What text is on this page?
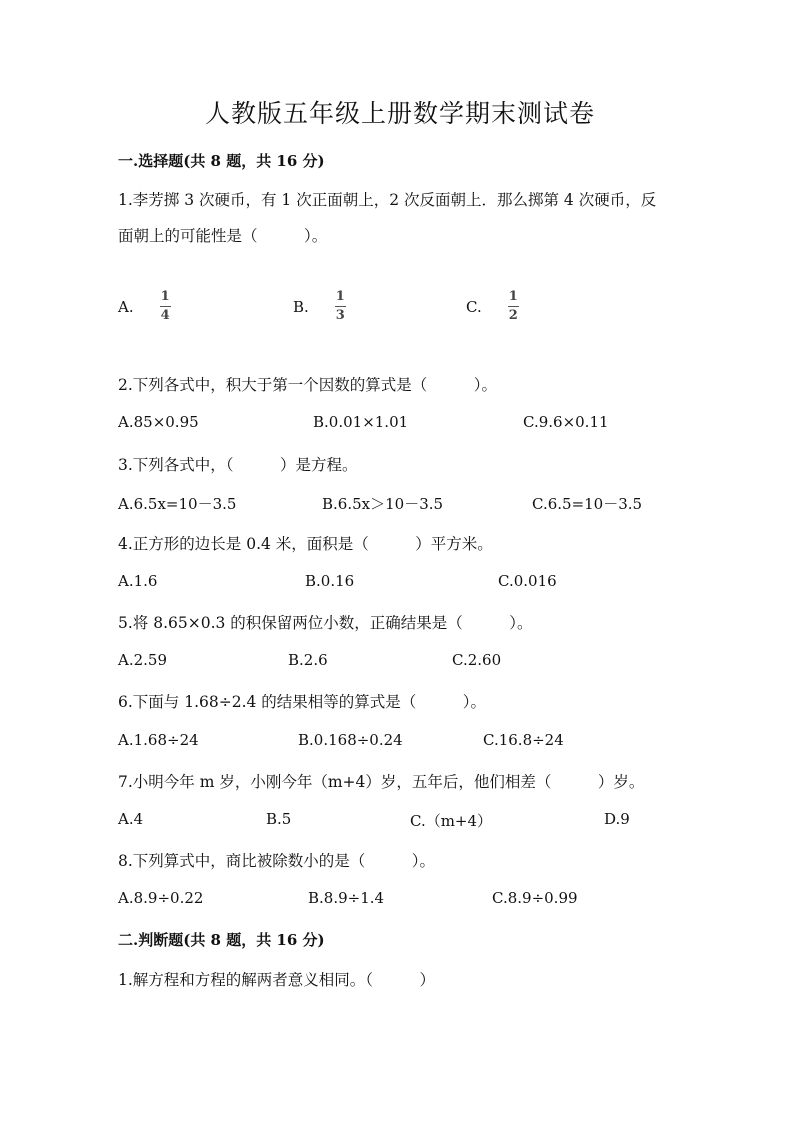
人教版五年级上册数学期末测试卷
一.选择题(共 8 题，共 16 分)
1.李芳掷 3 次硬币，有 1 次正面朝上，2 次反面朝上．那么掷第 4 次硬币，反
面朝上的可能性是（　　　）。
A. $\frac{1}{4}$	B. $\frac{1}{3}$	C. $\frac{1}{2}$
2.下列各式中，积大于第一个因数的算式是（　　　）。
A.85×0.95	B.0.01×1.01	C.9.6×0.11
3.下列各式中，（　　　）是方程。
A.6.5x=10－3.5	B.6.5x＞10－3.5	C.6.5=10－3.5
4.正方形的边长是 0.4 米，面积是（　　　）平方米。
A.1.6	B.0.16	C.0.016
5.将 8.65×0.3 的积保留两位小数，正确结果是（　　　）。
A.2.59	B.2.6	C.2.60
6.下面与 1.68÷2.4 的结果相等的算式是（　　　）。
A.1.68÷24	B.0.168÷0.24	C.16.8÷24
7.小明今年 m 岁，小刚今年（m+4）岁，五年后，他们相差（　　　）岁。
A.4	B.5	C.（m+4）	D.9
8.下列算式中，商比被除数小的是（　　　）。
A.8.9÷0.22	B.8.9÷1.4	C.8.9÷0.99
二.判断题(共 8 题，共 16 分)
1.解方程和方程的解两者意义相同。（　　　）
